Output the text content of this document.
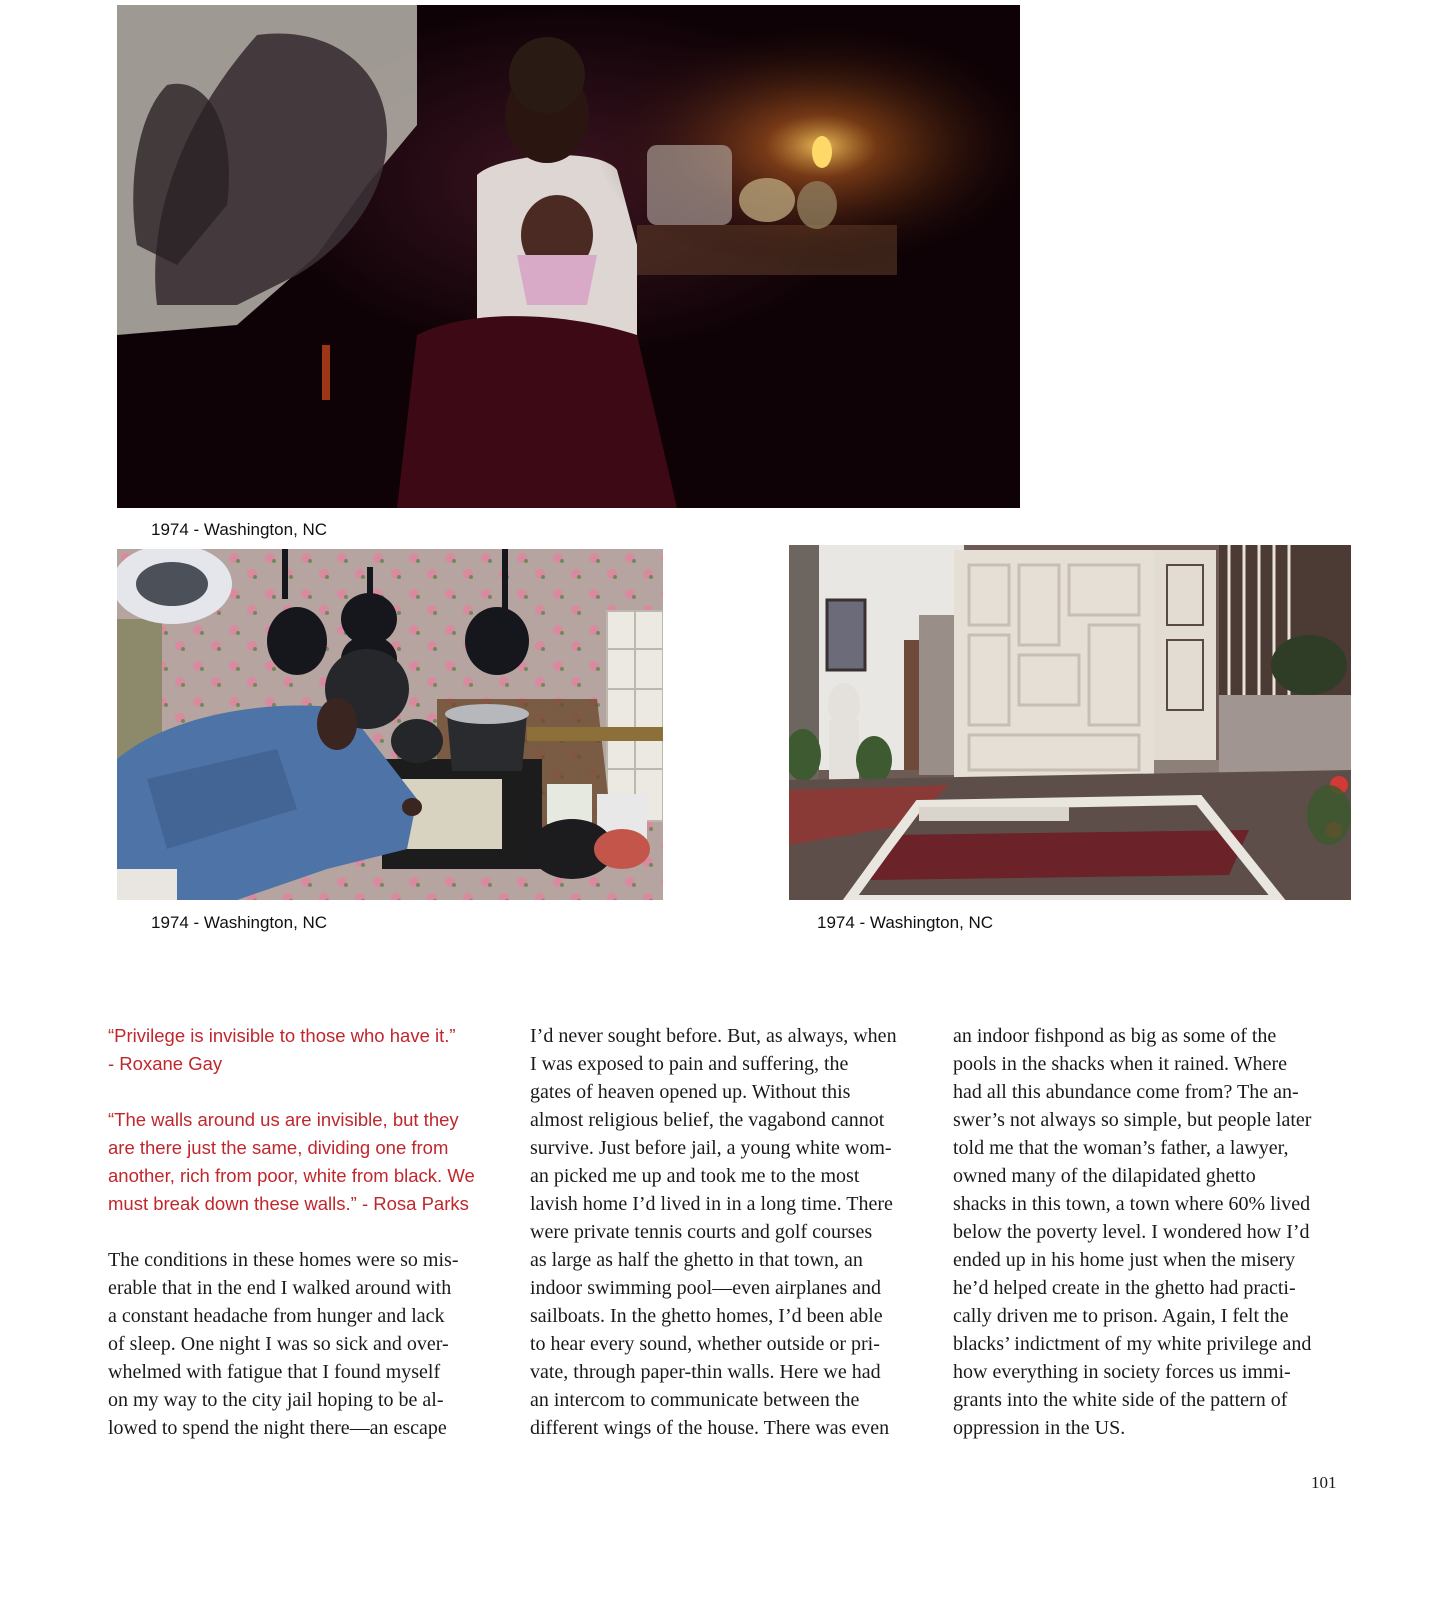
1974 - Washington, NC
1974 - Washington, NC	1974 - Washington, NC
“Privilege is invisible to those who have it.”
- Roxane Gay
“The walls around us are invisible, but they
are there just the same, dividing one from
another, rich from poor, white from black. We
must break down these walls.” - Rosa Parks
The conditions in these homes were so mis-
erable that in the end I walked around with
a constant headache from hunger and lack
of sleep. One night I was so sick and over-
whelmed with fatigue that I found myself
on my way to the city jail hoping to be al-
lowed to spend the night there—an escape
I’d never sought before. But, as always, when
I was exposed to pain and suffering, the
gates of heaven opened up. Without this
almost religious belief, the vagabond cannot
survive. Just before jail, a young white wom-
an picked me up and took me to the most
lavish home I’d lived in in a long time. There
were private tennis courts and golf courses
as large as half the ghetto in that town, an
indoor swimming pool—even airplanes and
sailboats. In the ghetto homes, I’d been able
to hear every sound, whether outside or pri-
vate, through paper-thin walls. Here we had
an intercom to communicate between the
different wings of the house. There was even
an indoor fishpond as big as some of the
pools in the shacks when it rained. Where
had all this abundance come from? The an-
swer’s not always so simple, but people later
told me that the woman’s father, a lawyer,
owned many of the dilapidated ghetto
shacks in this town, a town where 60% lived
below the poverty level. I wondered how I’d
ended up in his home just when the misery
he’d helped create in the ghetto had practi-
cally driven me to prison. Again, I felt the
blacks’ indictment of my white privilege and
how everything in society forces us immi-
grants into the white side of the pattern of
oppression in the US.
101
